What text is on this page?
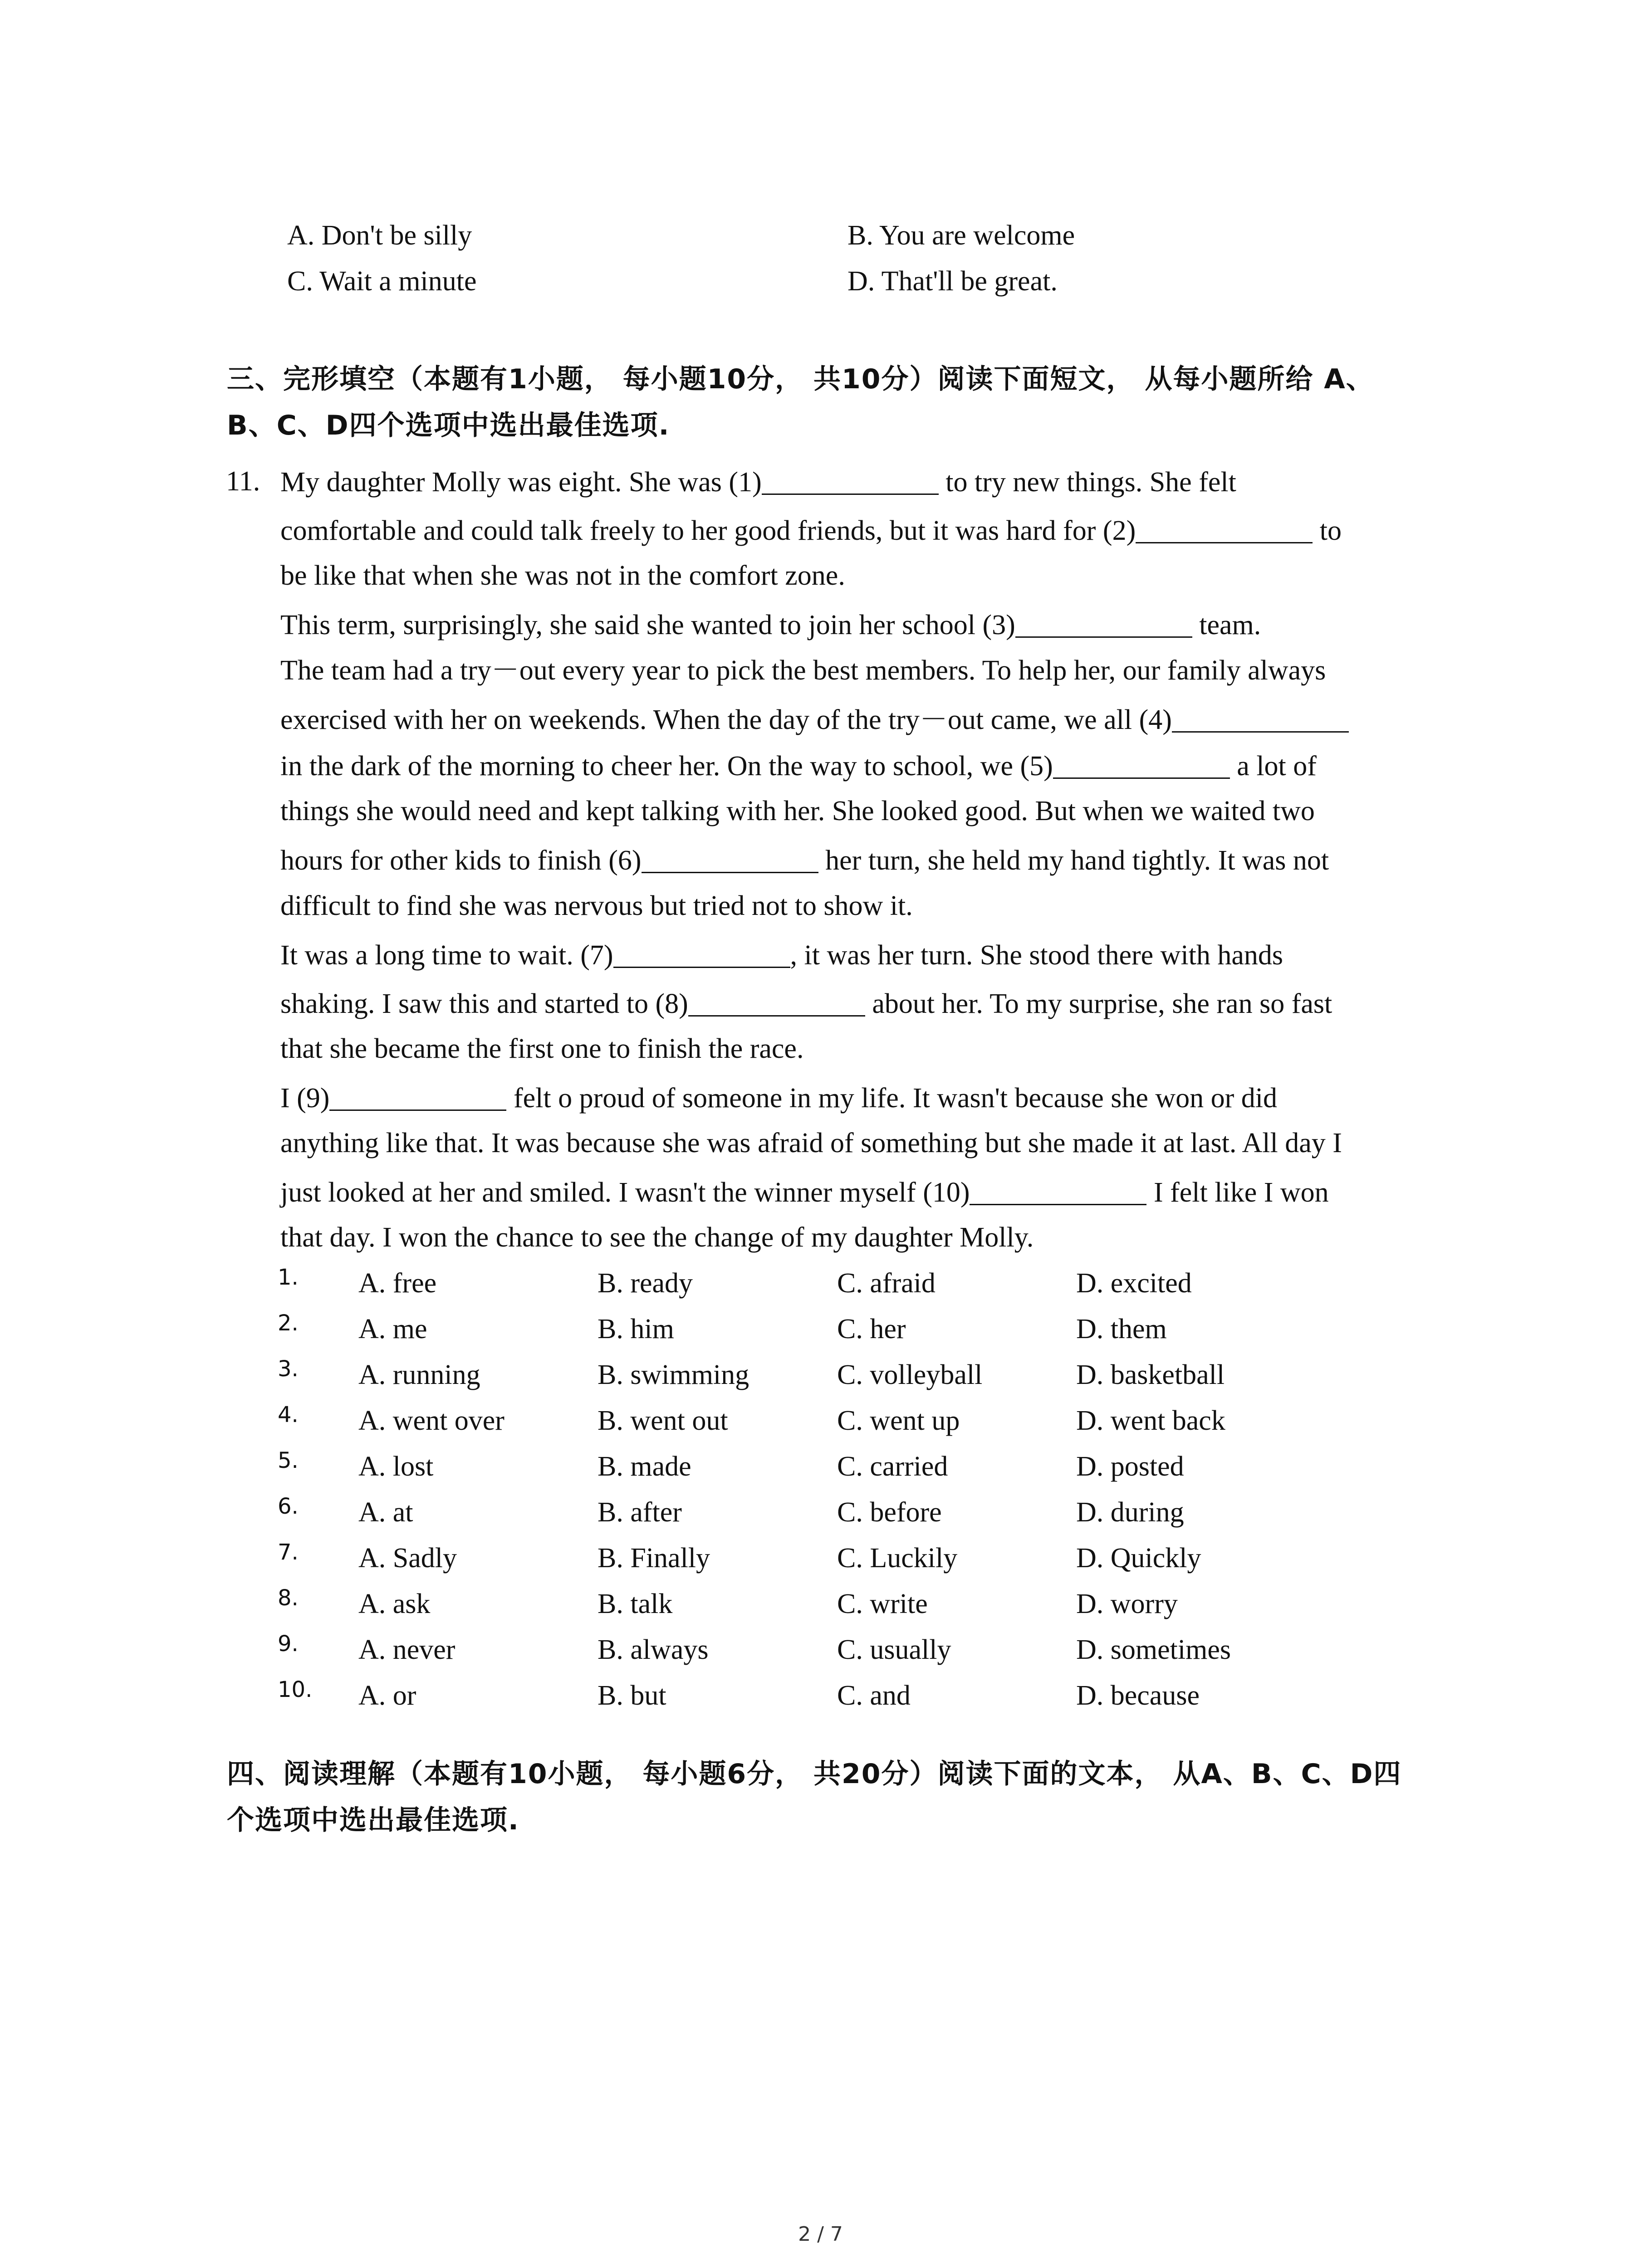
A. Don't be silly	B. You are welcome
C. Wait a minute	D. That'll be great.
三、完形填空（本题有1小题， 每小题10分， 共10分）阅读下面短文， 从每小题所给 A、
B、C、D四个选项中选出最佳选项.
11. My daughter Molly was eight. She was (1)	to try new things. She felt
comfortable and could talk freely to her good friends, but it was hard for (2)	to
be like that when she was not in the comfort zone.
This term, surprisingly, she said she wanted to join her school (3)	team.
The team had a try－out every year to pick the best members. To help her, our family always
exercised with her on weekends. When the day of the try－out came, we all (4)
in the dark of the morning to cheer her. On the way to school, we (5)	a lot of
things she would need and kept talking with her. She looked good. But when we waited two
hours for other kids to finish (6)	her turn, she held my hand tightly. It was not
difficult to find she was nervous but tried not to show it.
It was a long time to wait. (7)	, it was her turn. She stood there with hands
shaking. I saw this and started to (8)	about her. To my surprise, she ran so fast
that she became the first one to finish the race.
I (9)	felt o proud of someone in my life. It wasn't because she won or did
anything like that. It was because she was afraid of something but she made it at last. All day I
just looked at her and smiled. I wasn't the winner myself (10)	I felt like I won
that day. I won the chance to see the change of my daughter Molly.
1. A. free	B. ready	C. afraid	D. excited
2. A. me	B. him	C. her	D. them
3. A. running	B. swimming	C. volleyball	D. basketball
4. A. went over	B. went out	C. went up	D. went back
5. A. lost	B. made	C. carried	D. posted
6. A. at	B. after	C. before	D. during
7. A. Sadly	B. Finally	C. Luckily	D. Quickly
8. A. ask	B. talk	C. write	D. worry
9. A. never	B. always	C. usually	D. sometimes
10. A. or	B. but	C. and	D. because
四、阅读理解（本题有10小题， 每小题6分， 共20分）阅读下面的文本， 从A、B、C、D四
个选项中选出最佳选项.
2 / 7
